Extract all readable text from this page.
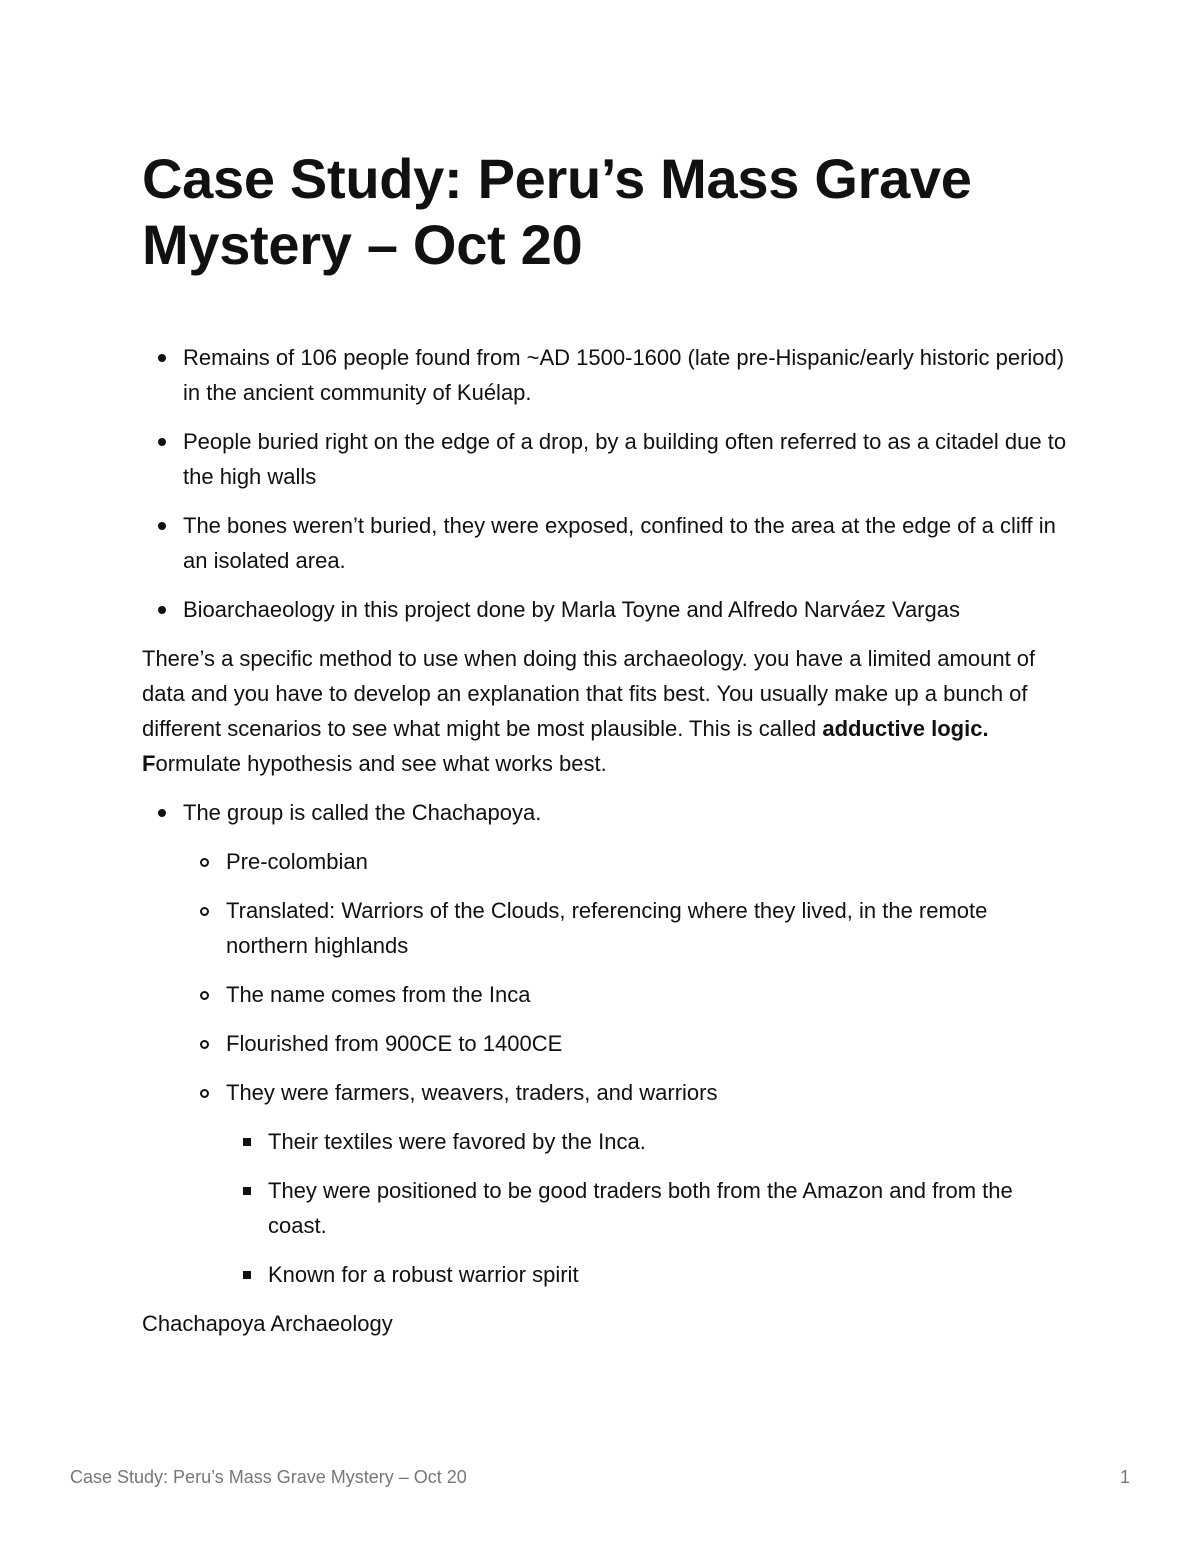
Case Study: Peru’s Mass Grave Mystery – Oct 20
Remains of 106 people found from ~AD 1500-1600 (late pre-Hispanic/early historic period) in the ancient community of Kuélap.
People buried right on the edge of a drop, by a building often referred to as a citadel due to the high walls
The bones weren’t buried, they were exposed, confined to the area at the edge of a cliff in an isolated area.
Bioarchaeology in this project done by Marla Toyne and Alfredo Narváez Vargas

There’s a specific method to use when doing this archaeology. you have a limited amount of data and you have to develop an explanation that fits best. You usually make up a bunch of different scenarios to see what might be most plausible. This is called adductive logic. Formulate hypothesis and see what works best.

The group is called the Chachapoya.
Pre-colombian
Translated: Warriors of the Clouds, referencing where they lived, in the remote northern highlands
The name comes from the Inca
Flourished from 900CE to 1400CE
They were farmers, weavers, traders, and warriors
Their textiles were favored by the Inca.
They were positioned to be good traders both from the Amazon and from the coast.
Known for a robust warrior spirit

Chachapoya Archaeology

Case Study: Peru’s Mass Grave Mystery – Oct 20	1
